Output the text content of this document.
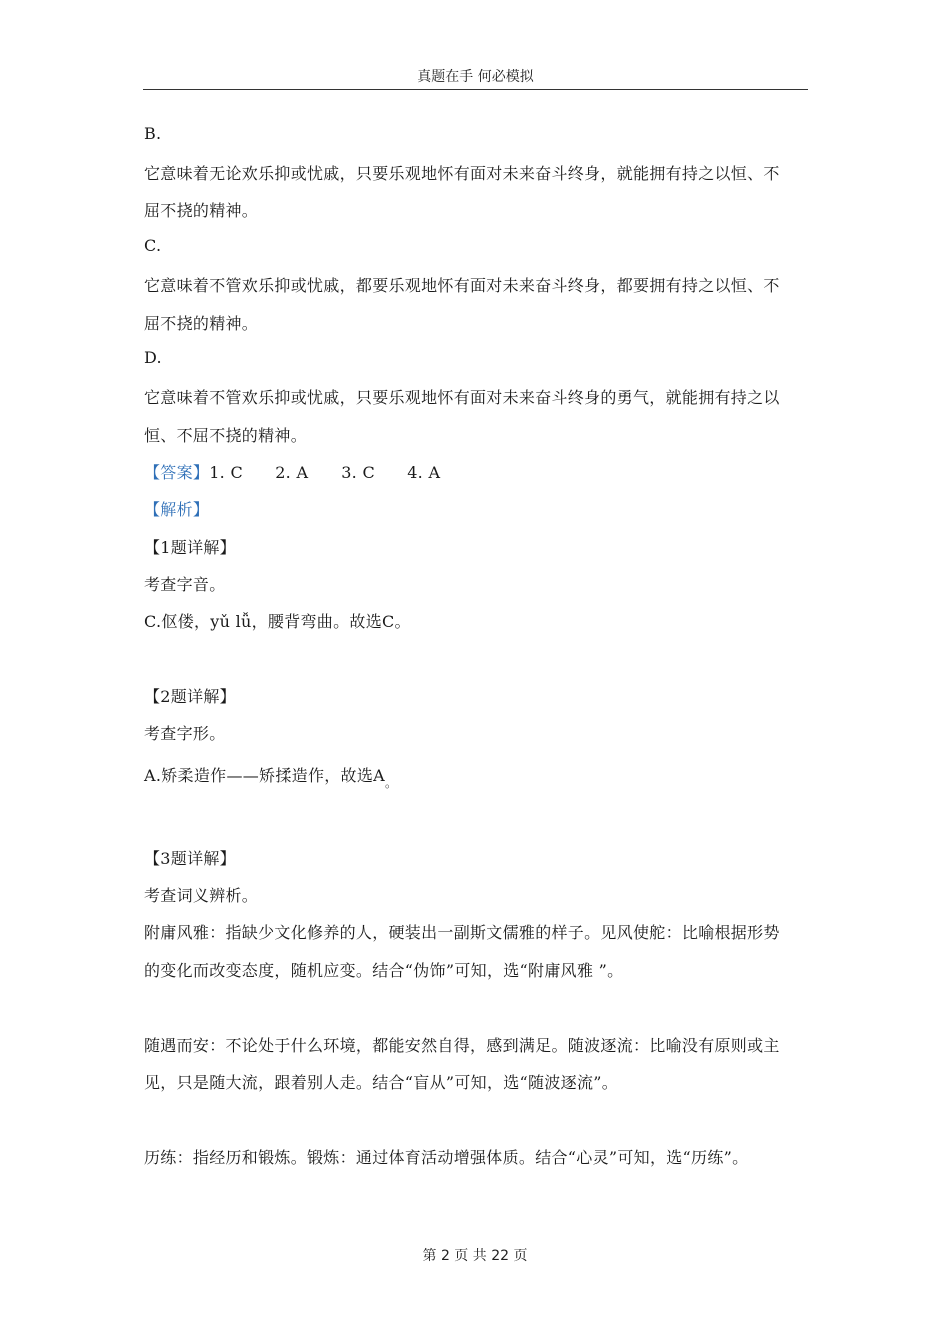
真题在手 何必模拟
B.
它意味着无论欢乐抑或忧戚，只要乐观地怀有面对未来奋斗终身，就能拥有持之以恒、不
屈不挠的精神。
C.
它意味着不管欢乐抑或忧戚，都要乐观地怀有面对未来奋斗终身，都要拥有持之以恒、不
屈不挠的精神。
D.
它意味着不管欢乐抑或忧戚，只要乐观地怀有面对未来奋斗终身的勇气，就能拥有持之以
恒、不屈不挠的精神。
【答案】1. C 2. A 3. C 4. A
【解析】
【1题详解】
考查字音。
C.伛偻，yǔ lǚ，腰背弯曲。故选C。
【2题详解】
考查字形。
A.矫柔造作——矫揉造作，故选$A_。$
【3题详解】
考查词义辨析。
附庸风雅：指缺少文化修养的人，硬装出一副斯文儒雅的样子。见风使舵：比喻根据形势
的变化而改变态度，随机应变。结合“伪饰”可知，选“附庸风雅 ”。
随遇而安：不论处于什么环境，都能安然自得，感到满足。随波逐流：比喻没有原则或主
见，只是随大流，跟着别人走。结合“盲从”可知，选“随波逐流”。
历练：指经历和锻炼。锻炼：通过体育活动增强体质。结合“心灵”可知，选“历练”。
第 2 页 共 22 页
